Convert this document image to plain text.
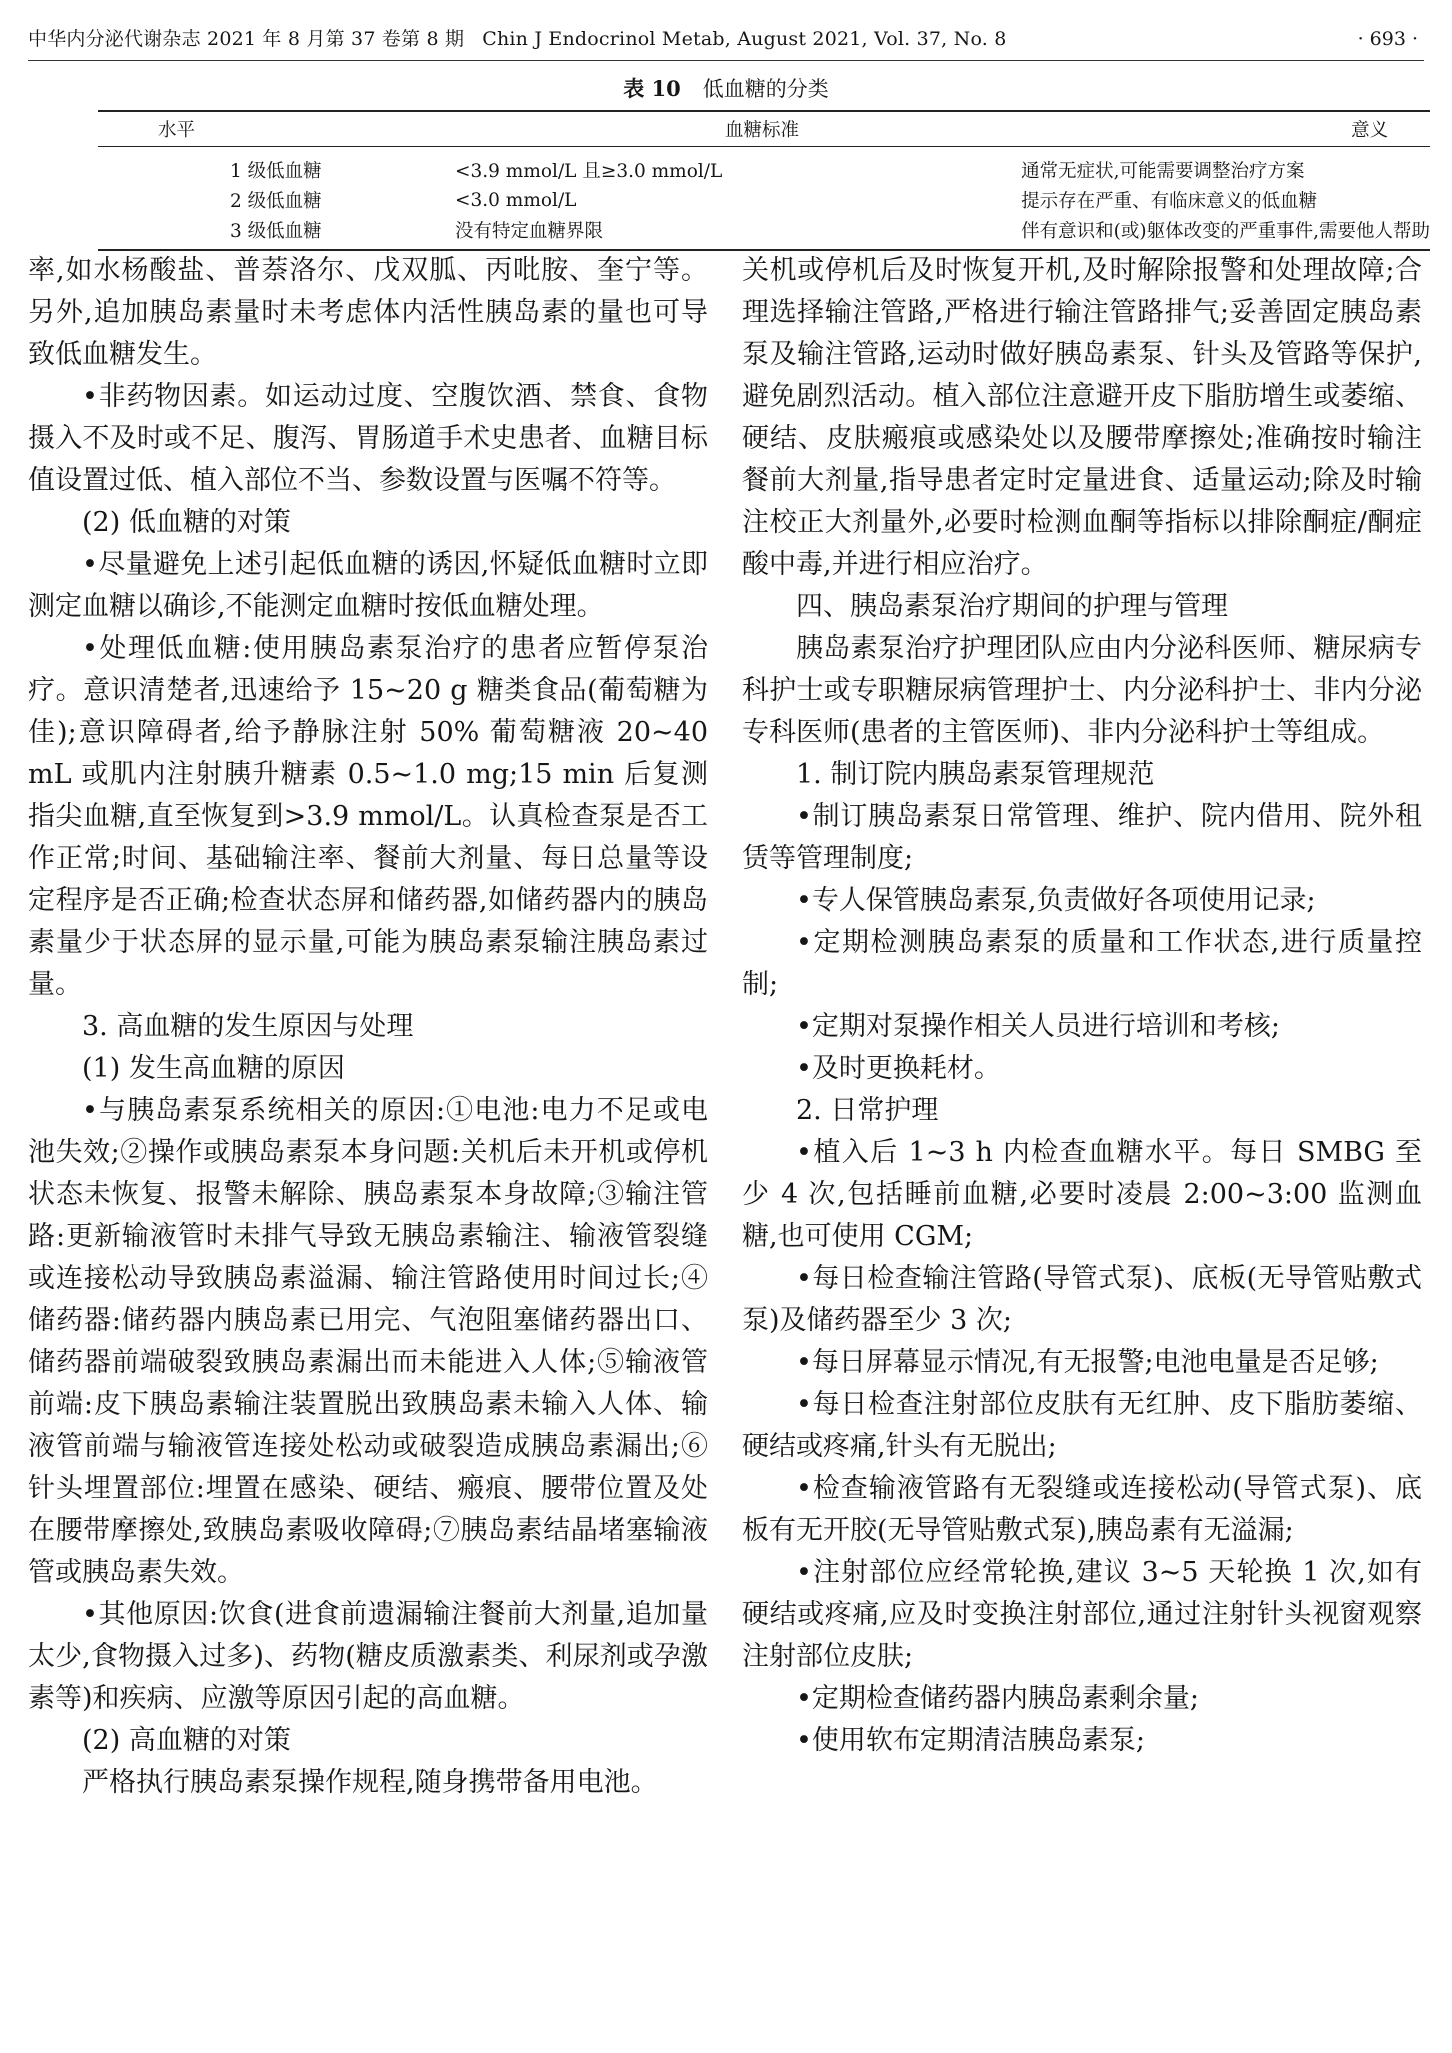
中华内分泌代谢杂志 2021 年 8 月第 37 卷第 8 期 Chin J Endocrinol Metab, August 2021, Vol. 37, No. 8	· 693 ·
表 10 低血糖的分类
水平	血糖标准	意义
1 级低血糖	<3.9 mmol/L 且≥3.0 mmol/L	通常无症状,可能需要调整治疗方案
2 级低血糖	<3.0 mmol/L	提示存在严重、有临床意义的低血糖
3 级低血糖	没有特定血糖界限	伴有意识和(或)躯体改变的严重事件,需要他人帮助

率,如水杨酸盐、普萘洛尔、戊双胍、丙吡胺、奎宁等。另外,追加胰岛素量时未考虑体内活性胰岛素的量也可导致低血糖发生。

•非药物因素。如运动过度、空腹饮酒、禁食、食物摄入不及时或不足、腹泻、胃肠道手术史患者、血糖目标值设置过低、植入部位不当、参数设置与医嘱不符等。

(2) 低血糖的对策

•尽量避免上述引起低血糖的诱因,怀疑低血糖时立即测定血糖以确诊,不能测定血糖时按低血糖处理。

•处理低血糖:使用胰岛素泵治疗的患者应暂停泵治疗。意识清楚者,迅速给予 15~20 g 糖类食品(葡萄糖为佳);意识障碍者,给予静脉注射 50% 葡萄糖液 20~40 mL 或肌内注射胰升糖素 0.5~1.0 mg;15 min 后复测指尖血糖,直至恢复到>3.9 mmol/L。认真检查泵是否工作正常;时间、基础输注率、餐前大剂量、每日总量等设定程序是否正确;检查状态屏和储药器,如储药器内的胰岛素量少于状态屏的显示量,可能为胰岛素泵输注胰岛素过量。

3. 高血糖的发生原因与处理

(1) 发生高血糖的原因

•与胰岛素泵系统相关的原因:①电池:电力不足或电池失效;②操作或胰岛素泵本身问题:关机后未开机或停机状态未恢复、报警未解除、胰岛素泵本身故障;③输注管路:更新输液管时未排气导致无胰岛素输注、输液管裂缝或连接松动导致胰岛素溢漏、输注管路使用时间过长;④储药器:储药器内胰岛素已用完、气泡阻塞储药器出口、储药器前端破裂致胰岛素漏出而未能进入人体;⑤输液管前端:皮下胰岛素输注装置脱出致胰岛素未输入人体、输液管前端与输液管连接处松动或破裂造成胰岛素漏出;⑥针头埋置部位:埋置在感染、硬结、瘢痕、腰带位置及处在腰带摩擦处,致胰岛素吸收障碍;⑦胰岛素结晶堵塞输液管或胰岛素失效。

•其他原因:饮食(进食前遗漏输注餐前大剂量,追加量太少,食物摄入过多)、药物(糖皮质激素类、利尿剂或孕激素等)和疾病、应激等原因引起的高血糖。

(2) 高血糖的对策

严格执行胰岛素泵操作规程,随身携带备用电池。

关机或停机后及时恢复开机,及时解除报警和处理故障;合理选择输注管路,严格进行输注管路排气;妥善固定胰岛素泵及输注管路,运动时做好胰岛素泵、针头及管路等保护,避免剧烈活动。植入部位注意避开皮下脂肪增生或萎缩、硬结、皮肤瘢痕或感染处以及腰带摩擦处;准确按时输注餐前大剂量,指导患者定时定量进食、适量运动;除及时输注校正大剂量外,必要时检测血酮等指标以排除酮症/酮症酸中毒,并进行相应治疗。

四、胰岛素泵治疗期间的护理与管理

胰岛素泵治疗护理团队应由内分泌科医师、糖尿病专科护士或专职糖尿病管理护士、内分泌科护士、非内分泌专科医师(患者的主管医师)、非内分泌科护士等组成。

1. 制订院内胰岛素泵管理规范

•制订胰岛素泵日常管理、维护、院内借用、院外租赁等管理制度;

•专人保管胰岛素泵,负责做好各项使用记录;

•定期检测胰岛素泵的质量和工作状态,进行质量控制;

•定期对泵操作相关人员进行培训和考核;

•及时更换耗材。

2. 日常护理

•植入后 1~3 h 内检查血糖水平。每日 SMBG 至少 4 次,包括睡前血糖,必要时凌晨 2:00~3:00 监测血糖,也可使用 CGM;

•每日检查输注管路(导管式泵)、底板(无导管贴敷式泵)及储药器至少 3 次;

•每日屏幕显示情况,有无报警;电池电量是否足够;

•每日检查注射部位皮肤有无红肿、皮下脂肪萎缩、硬结或疼痛,针头有无脱出;

•检查输液管路有无裂缝或连接松动(导管式泵)、底板有无开胶(无导管贴敷式泵),胰岛素有无溢漏;

•注射部位应经常轮换,建议 3~5 天轮换 1 次,如有硬结或疼痛,应及时变换注射部位,通过注射针头视窗观察注射部位皮肤;

•定期检查储药器内胰岛素剩余量;

•使用软布定期清洁胰岛素泵;
